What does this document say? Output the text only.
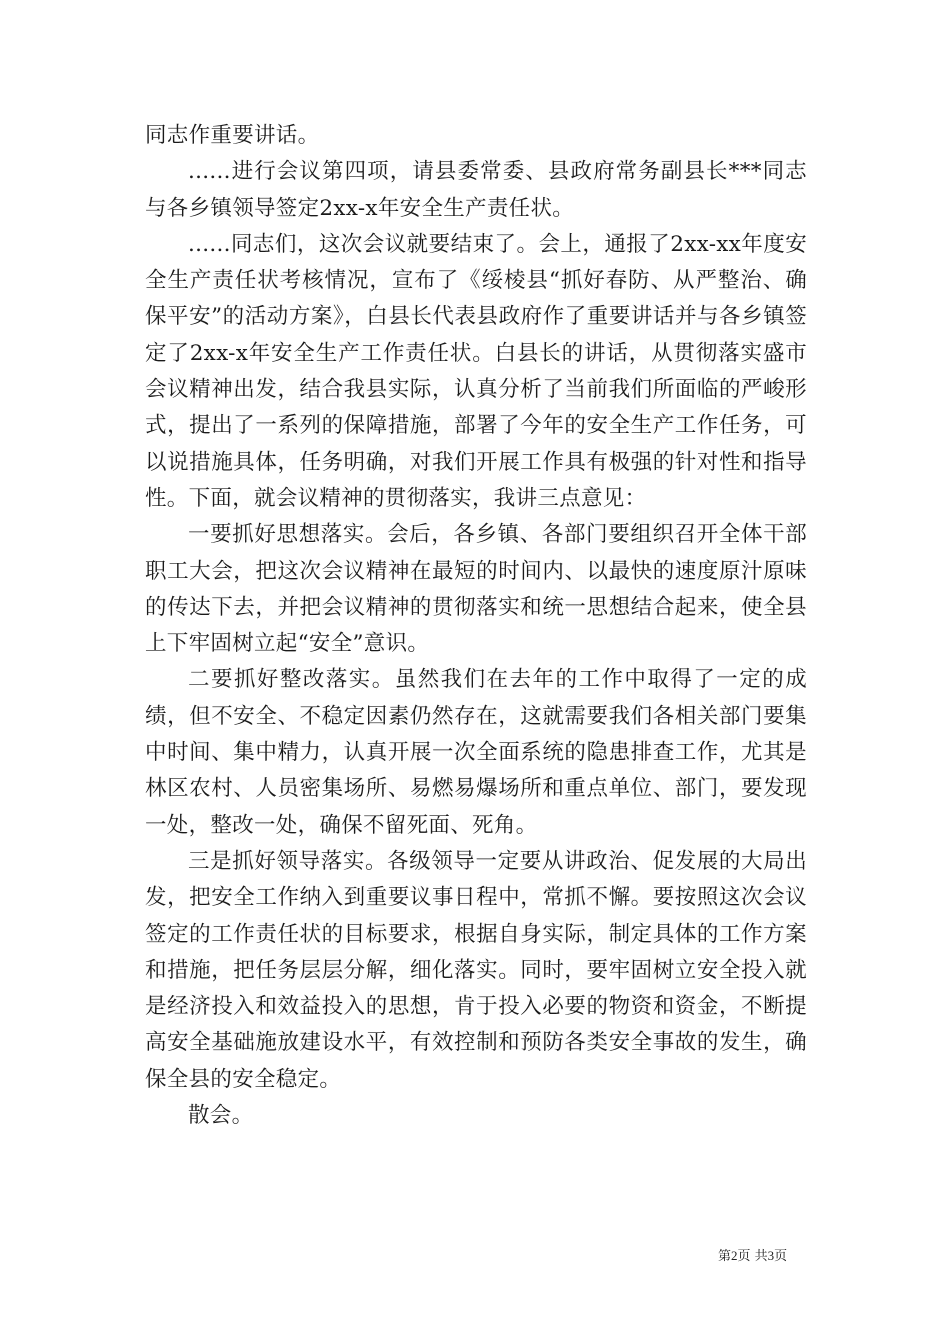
同志作重要讲话。

......进行会议第四项，请县委常委、县政府常务副县长***同志与各乡镇领导签定2xx-x年安全生产责任状。

......同志们，这次会议就要结束了。会上，通报了2xx-xx年度安全生产责任状考核情况，宣布了《绥棱县“抓好春防、从严整治、确保平安”的活动方案》，白县长代表县政府作了重要讲话并与各乡镇签定了2xx-x年安全生产工作责任状。白县长的讲话，从贯彻落实盛市会议精神出发，结合我县实际，认真分析了当前我们所面临的严峻形式，提出了一系列的保障措施，部署了今年的安全生产工作任务，可以说措施具体，任务明确，对我们开展工作具有极强的针对性和指导性。下面，就会议精神的贯彻落实，我讲三点意见：

一要抓好思想落实。会后，各乡镇、各部门要组织召开全体干部职工大会，把这次会议精神在最短的时间内、以最快的速度原汁原味的传达下去，并把会议精神的贯彻落实和统一思想结合起来，使全县上下牢固树立起“安全”意识。

二要抓好整改落实。虽然我们在去年的工作中取得了一定的成绩，但不安全、不稳定因素仍然存在，这就需要我们各相关部门要集中时间、集中精力，认真开展一次全面系统的隐患排查工作，尤其是林区农村、人员密集场所、易燃易爆场所和重点单位、部门，要发现一处，整改一处，确保不留死面、死角。

三是抓好领导落实。各级领导一定要从讲政治、促发展的大局出发，把安全工作纳入到重要议事日程中，常抓不懈。要按照这次会议签定的工作责任状的目标要求，根据自身实际，制定具体的工作方案和措施，把任务层层分解，细化落实。同时，要牢固树立安全投入就是经济投入和效益投入的思想，肯于投入必要的物资和资金，不断提高安全基础施放建设水平，有效控制和预防各类安全事故的发生，确保全县的安全稳定。

散会。

第2页 共3页
